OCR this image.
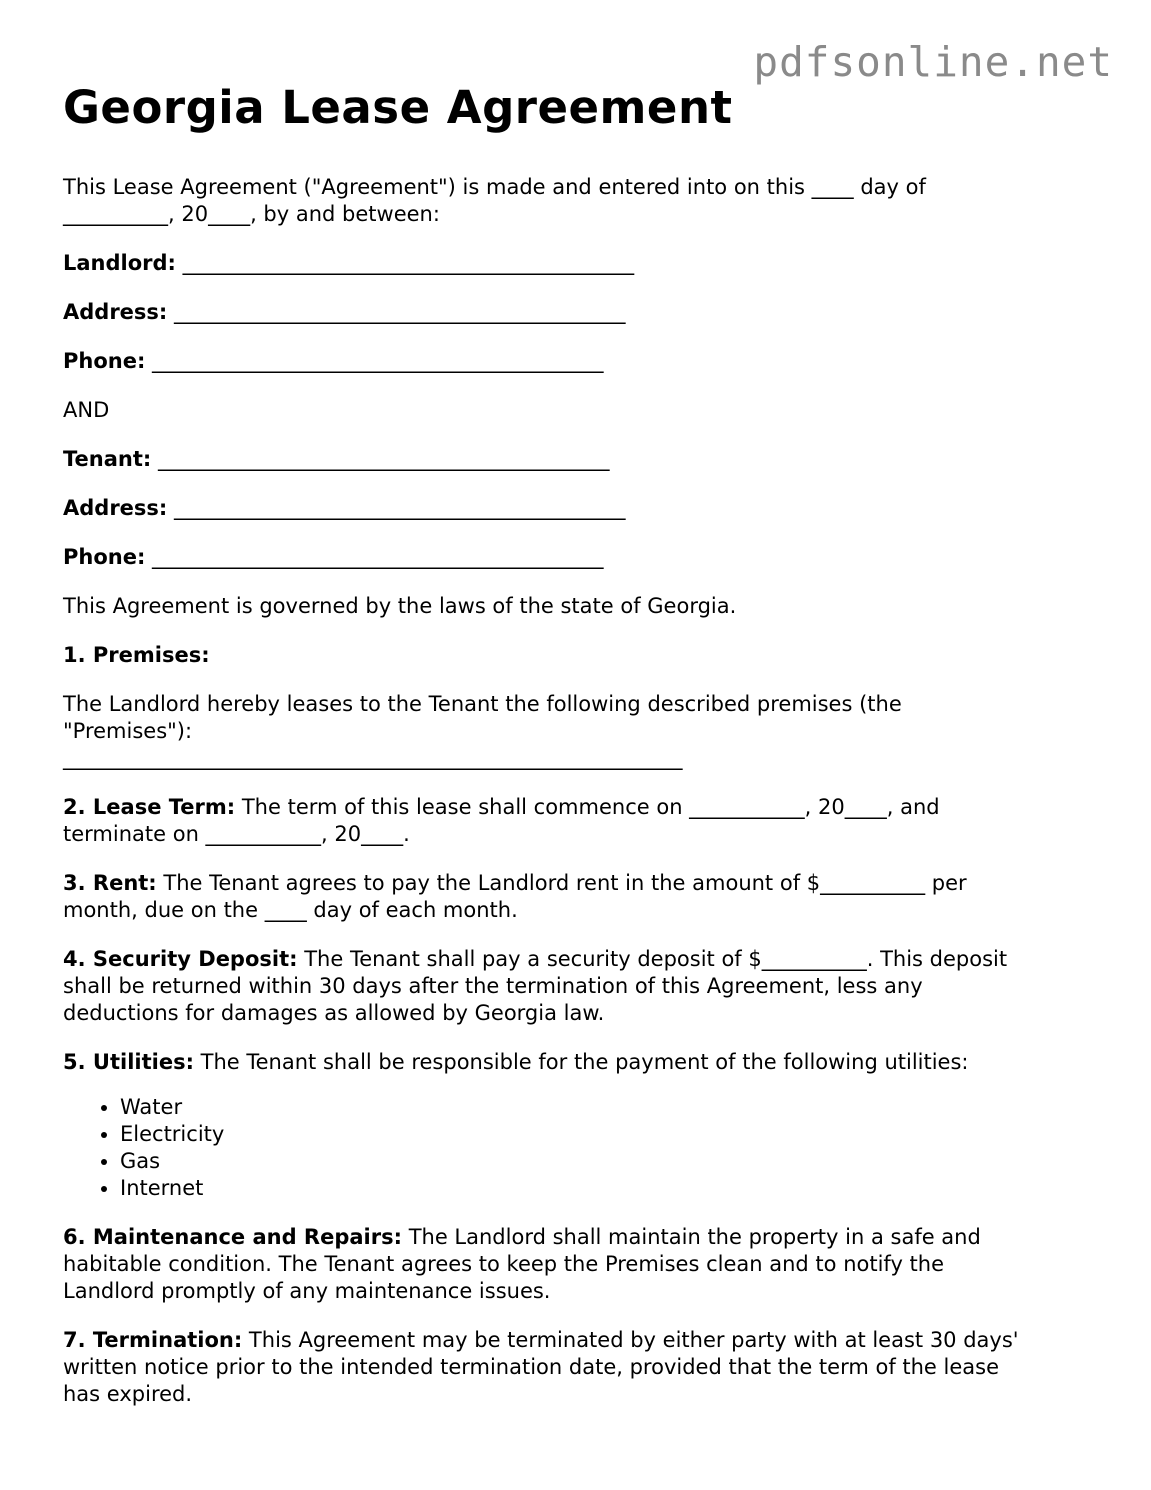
pdfsonline.net
Georgia Lease Agreement

This Lease Agreement ("Agreement") is made and entered into on this ____ day of
__________, 20____, by and between:

Landlord: ___________________________________________

Address: ___________________________________________

Phone: ___________________________________________

AND

Tenant: ___________________________________________

Address: ___________________________________________

Phone: ___________________________________________

This Agreement is governed by the laws of the state of Georgia.

1. Premises:

The Landlord hereby leases to the Tenant the following described premises (the
"Premises"):
___________________________________________________________

2. Lease Term: The term of this lease shall commence on ___________, 20____, and
terminate on ___________, 20____.

3. Rent: The Tenant agrees to pay the Landlord rent in the amount of $__________ per
month, due on the ____ day of each month.

4. Security Deposit: The Tenant shall pay a security deposit of $__________. This deposit
shall be returned within 30 days after the termination of this Agreement, less any
deductions for damages as allowed by Georgia law.

5. Utilities: The Tenant shall be responsible for the payment of the following utilities:

• Water
• Electricity
• Gas
• Internet

6. Maintenance and Repairs: The Landlord shall maintain the property in a safe and
habitable condition. The Tenant agrees to keep the Premises clean and to notify the
Landlord promptly of any maintenance issues.

7. Termination: This Agreement may be terminated by either party with at least 30 days'
written notice prior to the intended termination date, provided that the term of the lease
has expired.
